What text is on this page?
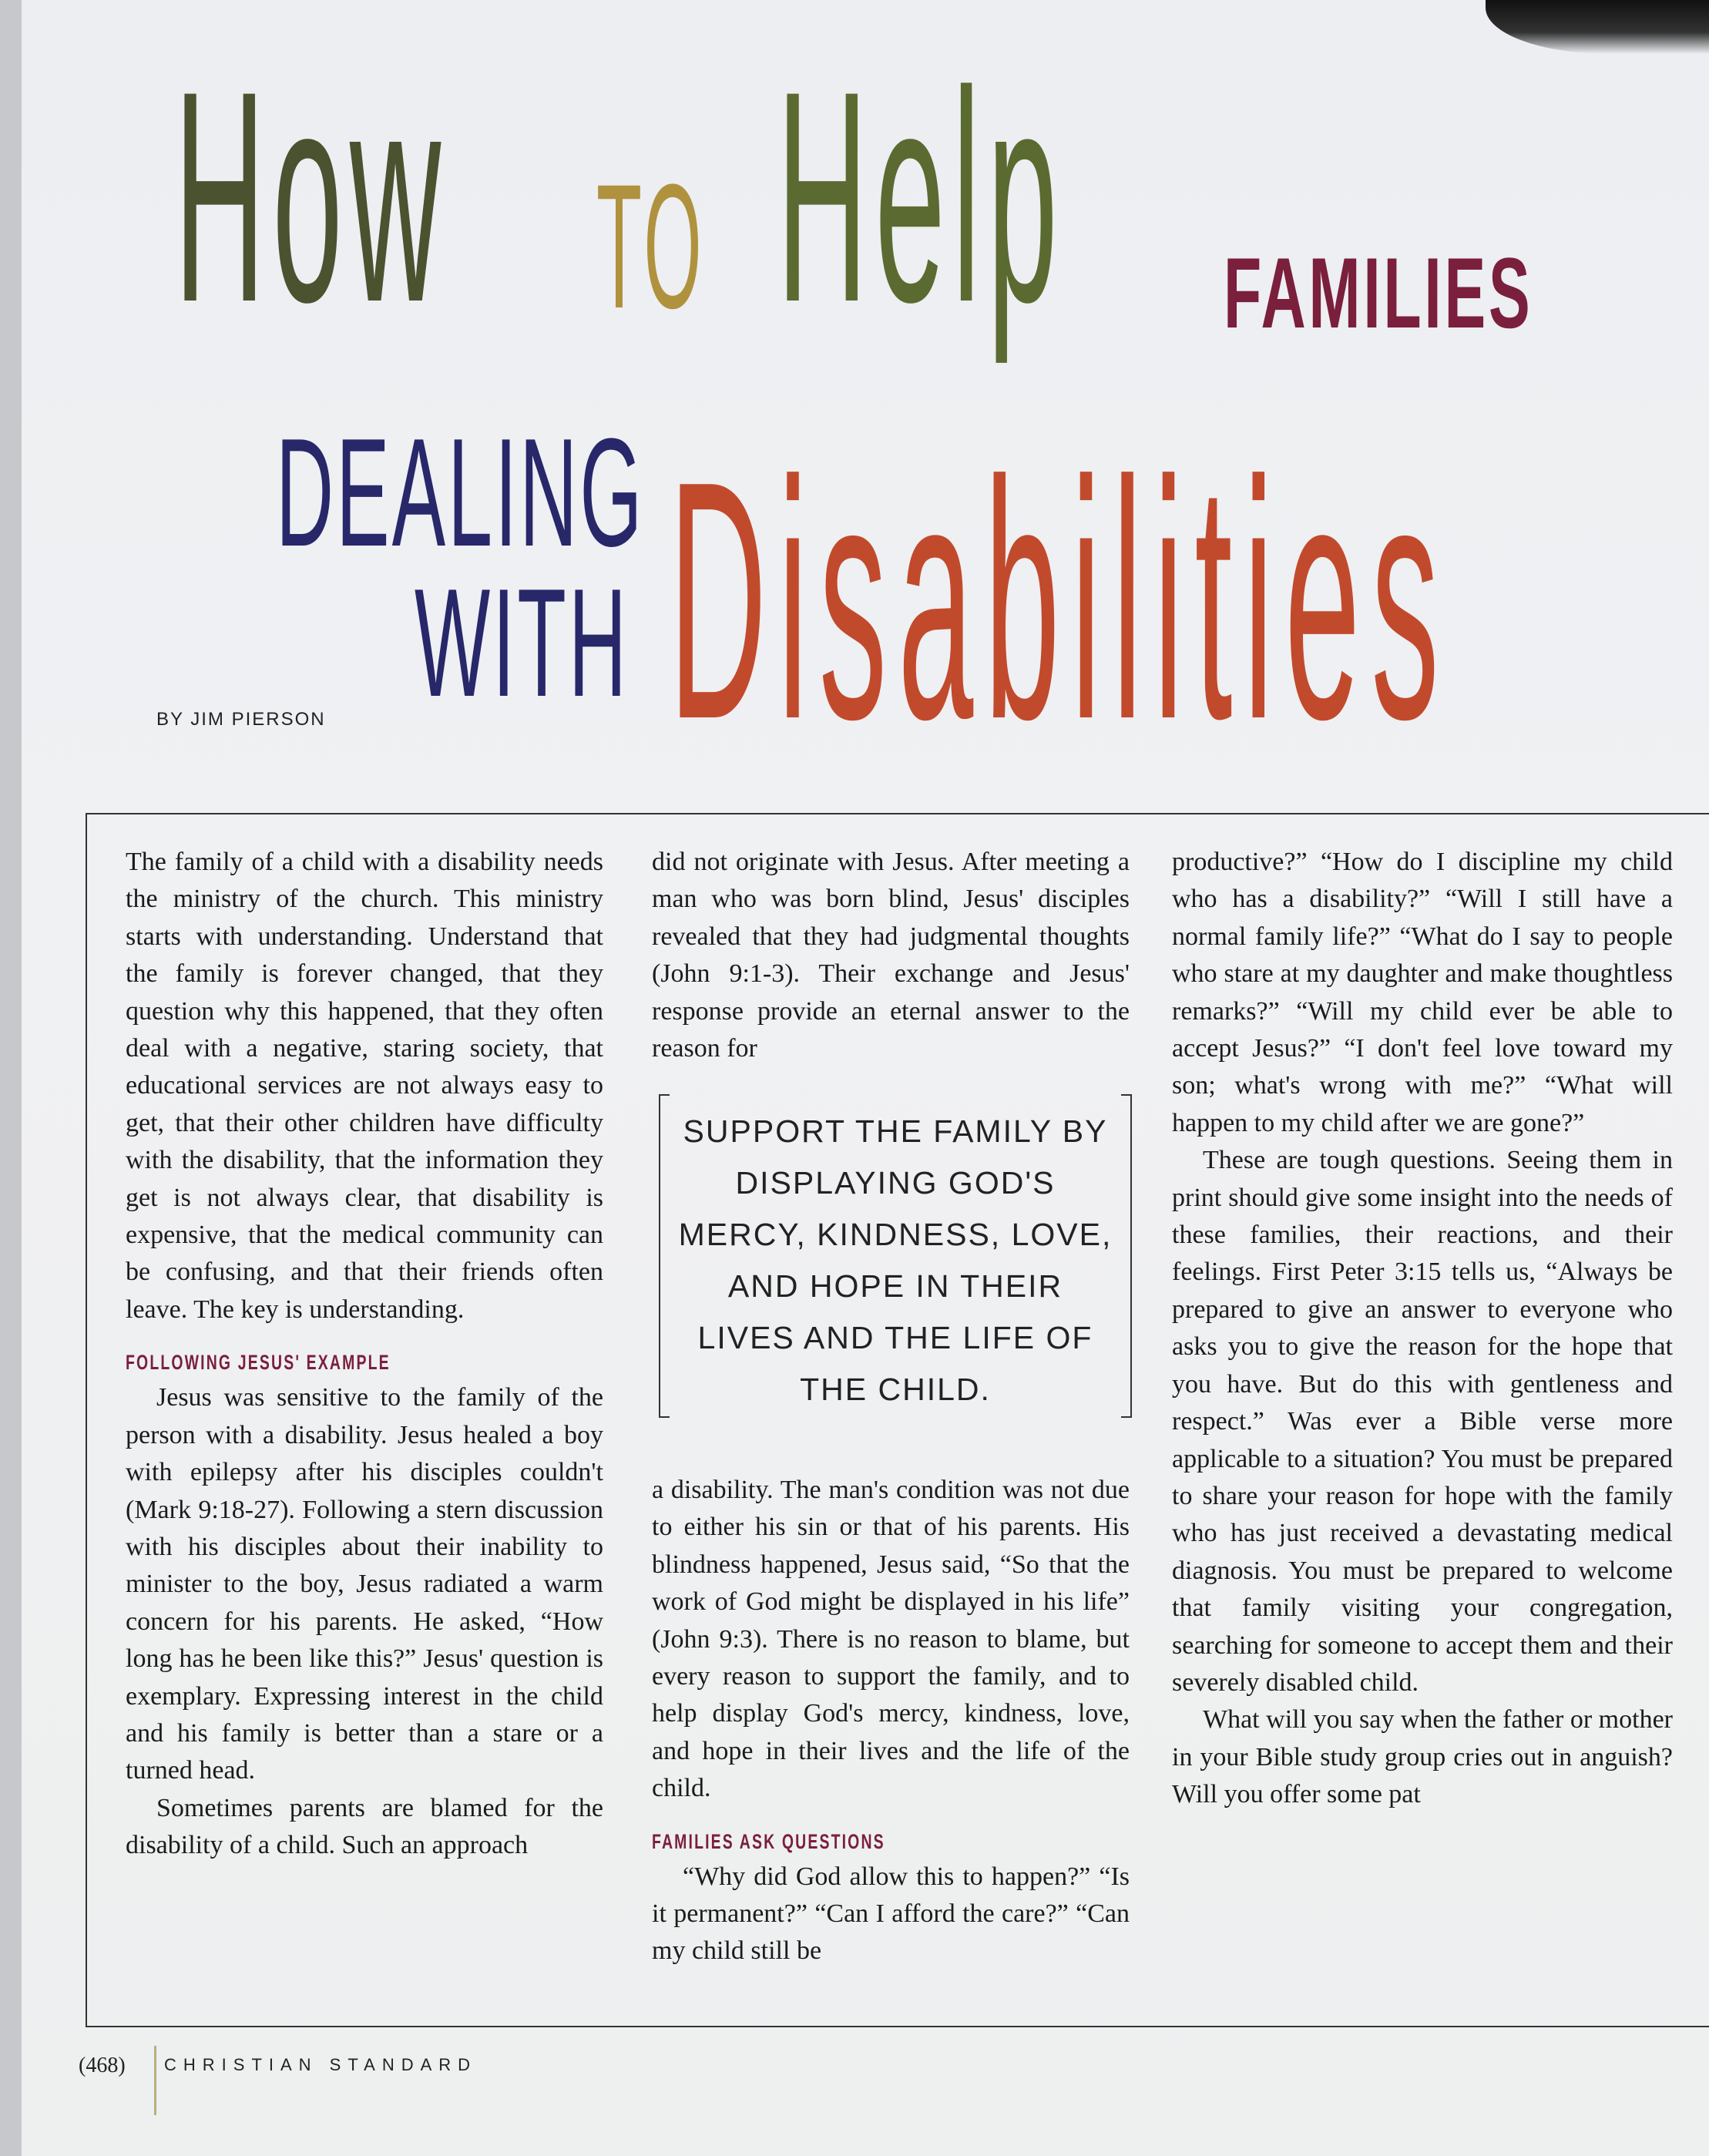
How TO Help FAMILIES
DEALING
WITH Disabilities
BY JIM PIERSON

The family of a child with a disability needs the ministry of the church. This ministry starts with understanding. Understand that the family is forever changed, that they question why this happened, that they often deal with a negative, staring society, that educational services are not always easy to get, that their other children have difficulty with the disability, that the information they get is not always clear, that disability is expensive, that the medical community can be confusing, and that their friends often leave. The key is understanding.

FOLLOWING JESUS' EXAMPLE

Jesus was sensitive to the family of the person with a disability. Jesus healed a boy with epilepsy after his disciples couldn't (Mark 9:18-27). Following a stern discussion with his disciples about their inability to minister to the boy, Jesus radiated a warm concern for his parents. He asked, “How long has he been like this?” Jesus' question is exemplary. Expressing interest in the child and his family is better than a stare or a turned head.

Sometimes parents are blamed for the disability of a child. Such an approach

did not originate with Jesus. After meeting a man who was born blind, Jesus' disciples revealed that they had judgmental thoughts (John 9:1-3). Their exchange and Jesus' response provide an eternal answer to the reason for

SUPPORT THE FAMILY BY DISPLAYING GOD'S MERCY, KINDNESS, LOVE, AND HOPE IN THEIR LIVES AND THE LIFE OF THE CHILD.

a disability. The man's condition was not due to either his sin or that of his parents. His blindness happened, Jesus said, “So that the work of God might be displayed in his life” (John 9:3). There is no reason to blame, but every reason to support the family, and to help display God's mercy, kindness, love, and hope in their lives and the life of the child.

FAMILIES ASK QUESTIONS

“Why did God allow this to happen?” “Is it permanent?” “Can I afford the care?” “Can my child still be

productive?” “How do I discipline my child who has a disability?” “Will I still have a normal family life?” “What do I say to people who stare at my daughter and make thoughtless remarks?” “Will my child ever be able to accept Jesus?” “I don't feel love toward my son; what's wrong with me?” “What will happen to my child after we are gone?”

These are tough questions. Seeing them in print should give some insight into the needs of these families, their reactions, and their feelings. First Peter 3:15 tells us, “Always be prepared to give an answer to everyone who asks you to give the reason for the hope that you have. But do this with gentleness and respect.” Was ever a Bible verse more applicable to a situation? You must be prepared to share your reason for hope with the family who has just received a devastating medical diagnosis. You must be prepared to welcome that family visiting your congregation, searching for someone to accept them and their severely disabled child.

What will you say when the father or mother in your Bible study group cries out in anguish? Will you offer some pat

(468) CHRISTIAN STANDARD
